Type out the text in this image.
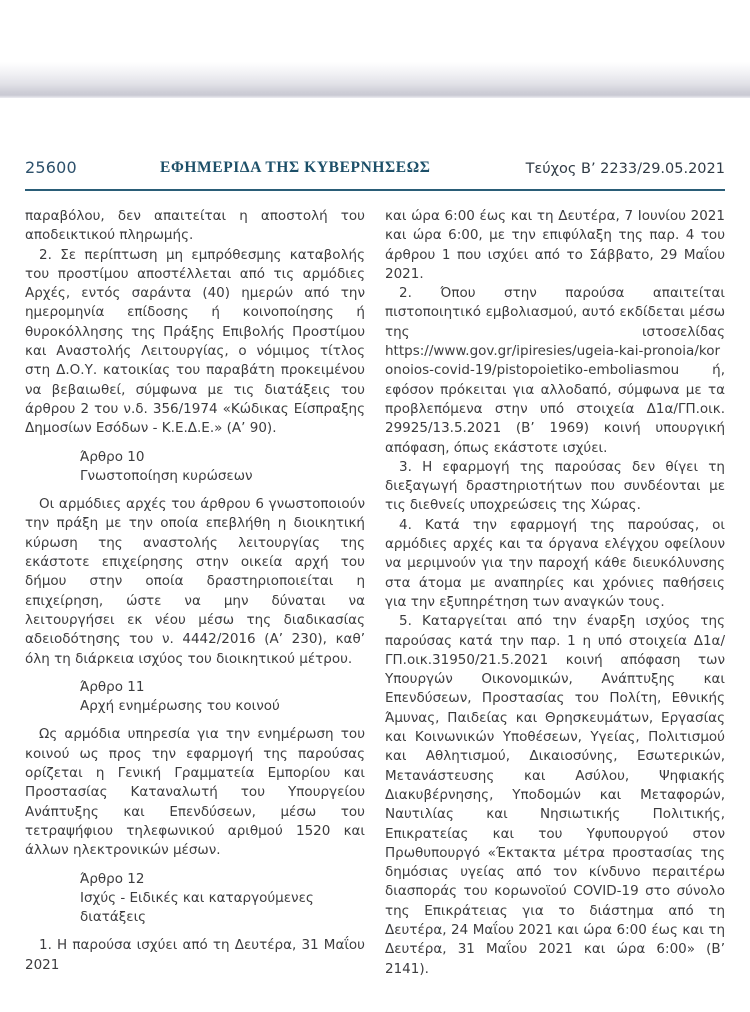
25600	ΕΦΗΜΕΡΙΔΑ ΤΗΣ ΚΥΒΕΡΝΗΣΕΩΣ	Τεύχος Β’ 2233/29.05.2021

παραβόλου, δεν απαιτείται η αποστολή του αποδεικτικού πληρωμής.

2. Σε περίπτωση μη εμπρόθεσμης καταβολής του προστίμου αποστέλλεται από τις αρμόδιες Αρχές, εντός σαράντα (40) ημερών από την ημερομηνία επίδοσης ή κοινοποίησης ή θυροκόλλησης της Πράξης Επιβολής Προστίμου και Αναστολής Λειτουργίας, ο νόμιμος τίτλος στη Δ.Ο.Υ. κατοικίας του παραβάτη προκειμένου να βεβαιωθεί, σύμφωνα με τις διατάξεις του άρθρου 2 του ν.δ. 356/1974 «Κώδικας Είσπραξης Δημοσίων Εσόδων - Κ.Ε.Δ.Ε.» (Α’ 90).

Άρθρο 10
Γνωστοποίηση κυρώσεων

Οι αρμόδιες αρχές του άρθρου 6 γνωστοποιούν την πράξη με την οποία επεβλήθη η διοικητική κύρωση της αναστολής λειτουργίας της εκάστοτε επιχείρησης στην οικεία αρχή του δήμου στην οποία δραστηριοποιείται η επιχείρηση, ώστε να μην δύναται να λειτουργήσει εκ νέου μέσω της διαδικασίας αδειοδότησης του ν. 4442/2016 (Α’ 230), καθ’ όλη τη διάρκεια ισχύος του διοικητικού μέτρου.

Άρθρο 11
Αρχή ενημέρωσης του κοινού

Ως αρμόδια υπηρεσία για την ενημέρωση του κοινού ως προς την εφαρμογή της παρούσας ορίζεται η Γενική Γραμματεία Εμπορίου και Προστασίας Καταναλωτή του Υπουργείου Ανάπτυξης και Επενδύσεων, μέσω του τετραψήφιου τηλεφωνικού αριθμού 1520 και άλλων ηλεκτρονικών μέσων.

Άρθρο 12
Ισχύς - Ειδικές και καταργούμενες διατάξεις

1. Η παρούσα ισχύει από τη Δευτέρα, 31 Μαΐου 2021

και ώρα 6:00 έως και τη Δευτέρα, 7 Ιουνίου 2021 και ώρα 6:00, με την επιφύλαξη της παρ. 4 του άρθρου 1 που ισχύει από το Σάββατο, 29 Μαΐου 2021.

2. Όπου στην παρούσα απαιτείται πιστοποιητικό εμβολιασμού, αυτό εκδίδεται μέσω της ιστοσελίδας https://www.gov.gr/ipiresies/ugeia-kai-pronoia/kor onoios-covid-19/pistopoietiko-emboliasmou ή, εφόσον πρόκειται για αλλοδαπό, σύμφωνα με τα προβλεπόμενα στην υπό στοιχεία Δ1α/ΓΠ.οικ. 29925/13.5.2021 (Β’ 1969) κοινή υπουργική απόφαση, όπως εκάστοτε ισχύει.

3. Η εφαρμογή της παρούσας δεν θίγει τη διεξαγωγή δραστηριοτήτων που συνδέονται με τις διεθνείς υποχρεώσεις της Χώρας.

4. Κατά την εφαρμογή της παρούσας, οι αρμόδιες αρχές και τα όργανα ελέγχου οφείλουν να μεριμνούν για την παροχή κάθε διευκόλυνσης στα άτομα με αναπηρίες και χρόνιες παθήσεις για την εξυπηρέτηση των αναγκών τους.

5. Καταργείται από την έναρξη ισχύος της παρούσας κατά την παρ. 1 η υπό στοιχεία Δ1α/ΓΠ.οικ.31950/21.5.2021 κοινή απόφαση των Υπουργών Οικονομικών, Ανάπτυξης και Επενδύσεων, Προστασίας του Πολίτη, Εθνικής Άμυνας, Παιδείας και Θρησκευμάτων, Εργασίας και Κοινωνικών Υποθέσεων, Υγείας, Πολιτισμού και Αθλητισμού, Δικαιοσύνης, Εσωτερικών, Μετανάστευσης και Ασύλου, Ψηφιακής Διακυβέρνησης, Υποδομών και Μεταφορών, Ναυτιλίας και Νησιωτικής Πολιτικής, Επικρατείας και του Υφυπουργού στον Πρωθυπουργό «Έκτακτα μέτρα προστασίας της δημόσιας υγείας από τον κίνδυνο περαιτέρω διασποράς του κορωνοϊού COVID-19 στο σύνολο της Επικράτειας για το διάστημα από τη Δευτέρα, 24 Μαΐου 2021 και ώρα 6:00 έως και τη Δευτέρα, 31 Μαΐου 2021 και ώρα 6:00» (Β’ 2141).
